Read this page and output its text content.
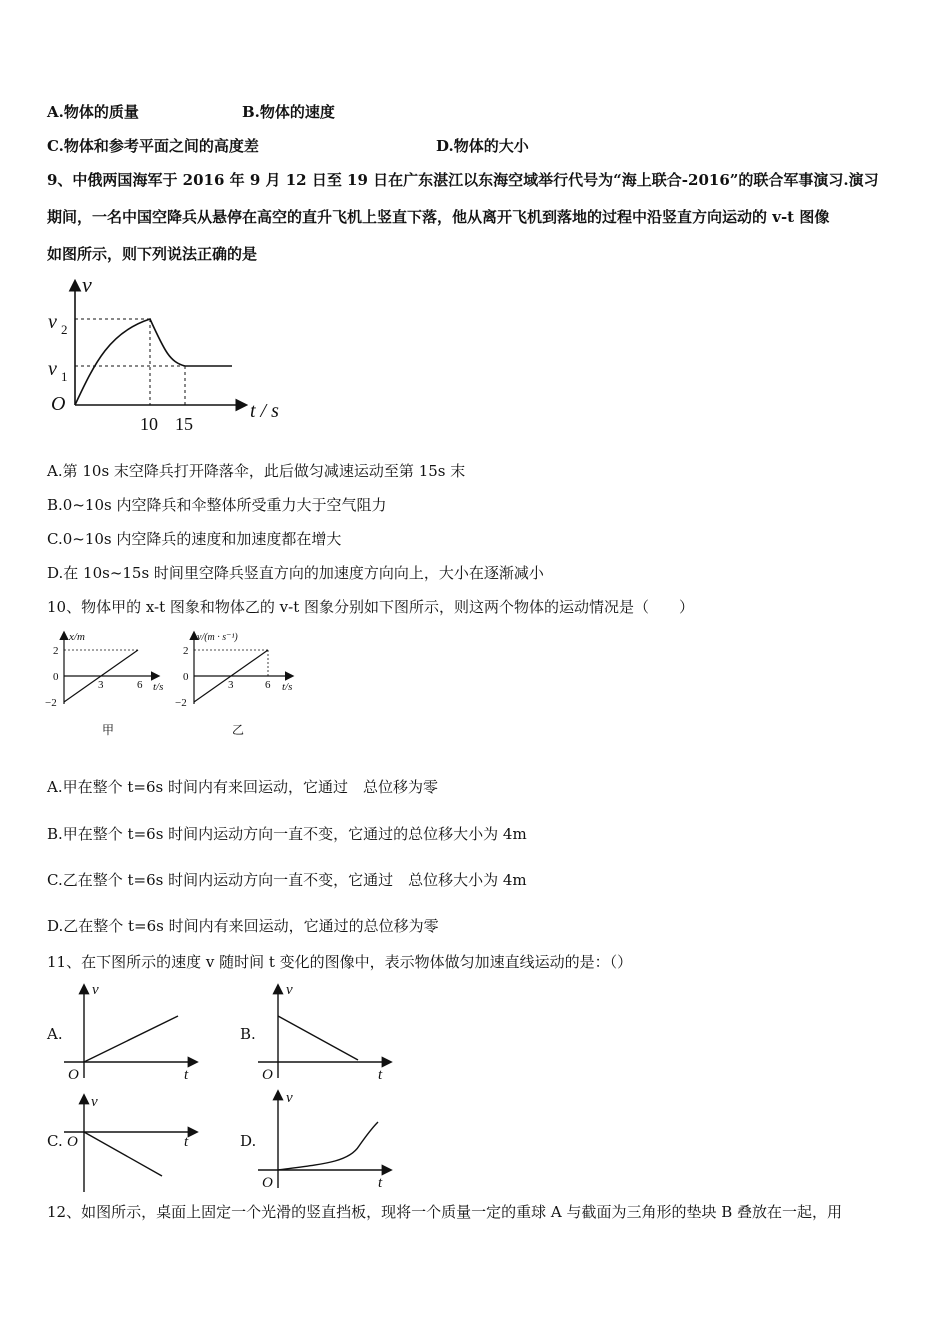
A.物体的质量	B.物体的速度
C.物体和参考平面之间的高度差	D.物体的大小
9、中俄两国海军于 2016 年 9 月 12 日至 19 日在广东湛江以东海空域举行代号为“海上联合-2016”的联合军事演习.演习
期间，一名中国空降兵从悬停在高空的直升飞机上竖直下落，他从离开飞机到落地的过程中沿竖直方向运动的 v-t 图像
如图所示，则下列说法正确的是
v
v 2
v 1
O
10 15
t / s
A.第 10s 末空降兵打开降落伞，此后做匀减速运动至第 15s 末
B.0~10s 内空降兵和伞整体所受重力大于空气阻力
C.0~10s 内空降兵的速度和加速度都在增大
D.在 10s~15s 时间里空降兵竖直方向的加速度方向向上，大小在逐渐减小
10、物体甲的 x-t 图象和物体乙的 v-t 图象分别如下图所示，则这两个物体的运动情况是（　　）
x/m
2
0
−2
3	6 t/s
甲
v/(m · s⁻¹)
2
0
−2
3	6 t/s
乙
A.甲在整个 t=6s 时间内有来回运动，它通过　总位移为零
B.甲在整个 t=6s 时间内运动方向一直不变，它通过的总位移大小为 4m
C.乙在整个 t=6s 时间内运动方向一直不变，它通过　总位移大小为 4m
D.乙在整个 t=6s 时间内有来回运动，它通过的总位移为零
11、在下图所示的速度 v 随时间 t 变化的图像中，表示物体做匀加速直线运动的是：（）
A.
v
O	t
B.
v
O	t
C.
v
O	t	D.
v
O	t
12、如图所示，桌面上固定一个光滑的竖直挡板，现将一个质量一定的重球 A 与截面为三角形的垫块 B 叠放在一起，用
